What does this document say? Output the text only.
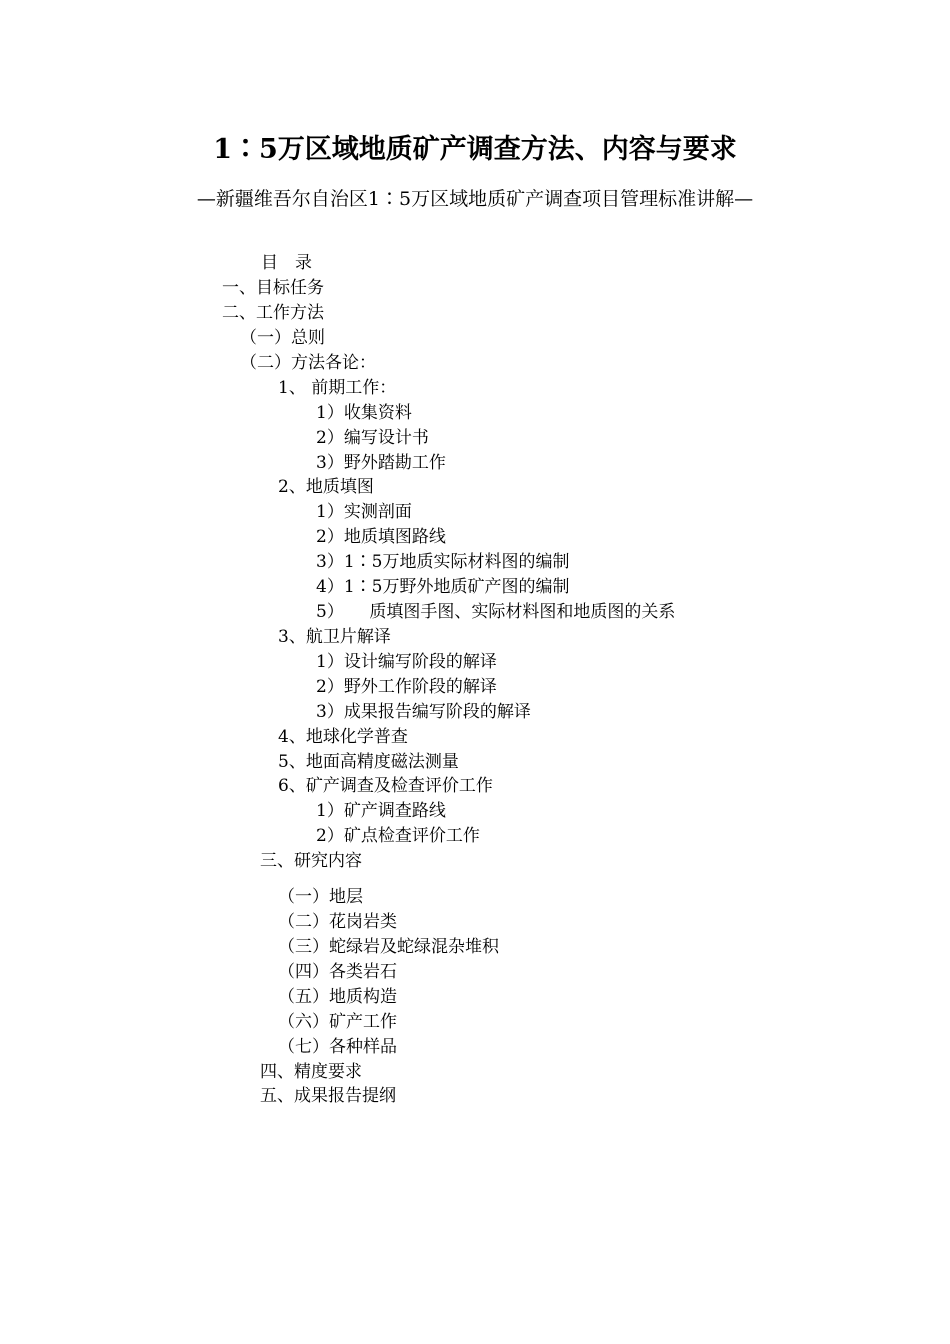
1∶5万区域地质矿产调查方法、内容与要求
—新疆维吾尔自治区1∶5万区域地质矿产调查项目管理标准讲解—
目　录
一、目标任务
二、工作方法
（一）总则
（二）方法各论：
1、 前期工作：
1）收集资料
2）编写设计书
3）野外踏勘工作
2、地质填图
1）实测剖面
2）地质填图路线
3）1∶5万地质实际材料图的编制
4）1∶5万野外地质矿产图的编制
5）　　质填图手图、实际材料图和地质图的关系
3、航卫片解译
1）设计编写阶段的解译
2）野外工作阶段的解译
3）成果报告编写阶段的解译
4、地球化学普查
5、地面高精度磁法测量
6、矿产调查及检查评价工作
1）矿产调查路线
2）矿点检查评价工作
三、研究内容
（一）地层
（二）花岗岩类
（三）蛇绿岩及蛇绿混杂堆积
（四）各类岩石
（五）地质构造
（六）矿产工作
（七）各种样品
四、精度要求
五、成果报告提纲
